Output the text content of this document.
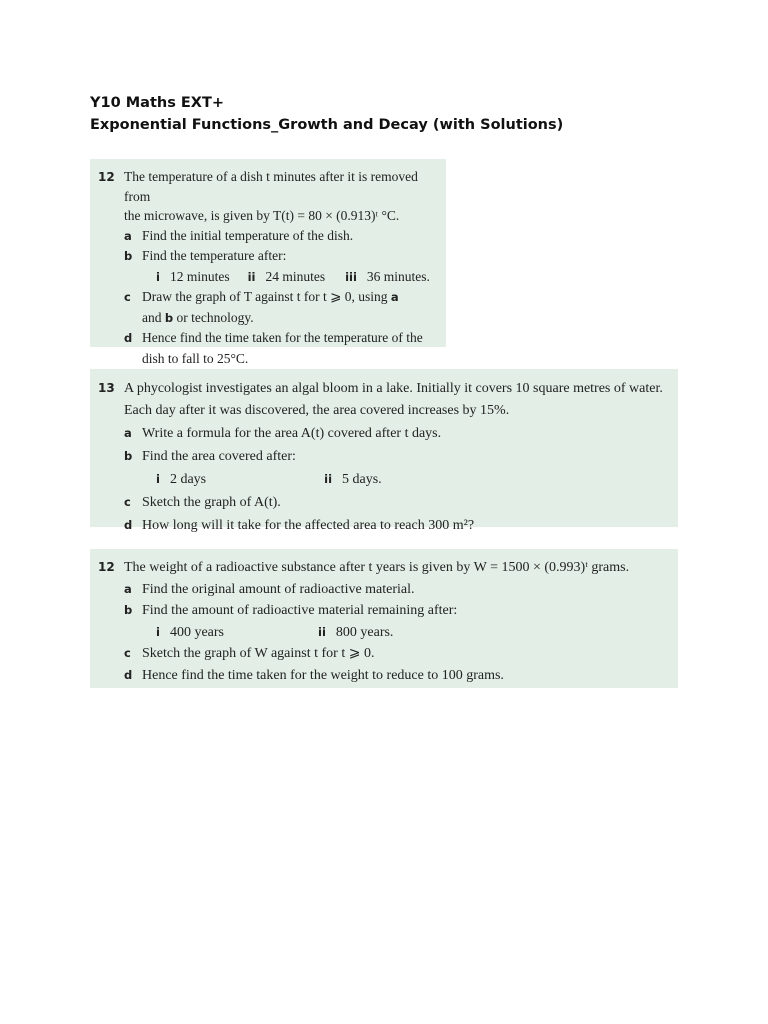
Y10 Maths EXT+
Exponential Functions_Growth and Decay (with Solutions)
12 The temperature of a dish t minutes after it is removed from
the microwave, is given by T(t) = 80 × (0.913)ᵗ °C.
a Find the initial temperature of the dish.
b Find the temperature after:
i 12 minutes ii 24 minutes iii 36 minutes.
c Draw the graph of T against t for t ⩾ 0, using a
and b or technology.
d Hence find the time taken for the temperature of the
dish to fall to 25°C.
13 A phycologist investigates an algal bloom in a lake. Initially it covers 10 square metres of water.
Each day after it was discovered, the area covered increases by 15%.
a Write a formula for the area A(t) covered after t days.
b Find the area covered after:
i 2 days	ii 5 days.
c Sketch the graph of A(t).
d How long will it take for the affected area to reach 300 m²?
12 The weight of a radioactive substance after t years is given by W = 1500 × (0.993)ᵗ grams.
a Find the original amount of radioactive material.
b Find the amount of radioactive material remaining after:
i 400 years	ii 800 years.
c Sketch the graph of W against t for t ⩾ 0.
d Hence find the time taken for the weight to reduce to 100 grams.
